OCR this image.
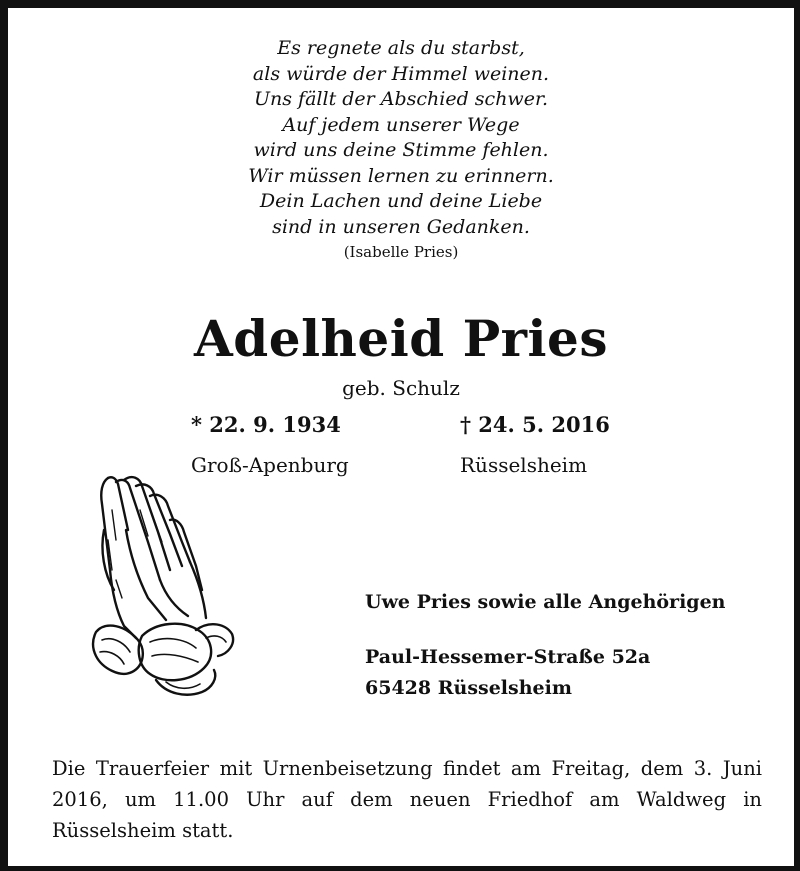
Es regnete als du starbst,
als würde der Himmel weinen.
Uns fällt der Abschied schwer.
Auf jedem unserer Wege
wird uns deine Stimme fehlen.
Wir müssen lernen zu erinnern.
Dein Lachen und deine Liebe
sind in unseren Gedanken.
(Isabelle Pries)
Adelheid Pries
geb. Schulz
* 22. 9. 1934	† 24. 5. 2016
Groß-Apenburg	Rüsselsheim
Uwe Pries sowie alle Angehörigen
Paul-Hessemer-Straße 52a
65428 Rüsselsheim
Die Trauerfeier mit Urnenbeisetzung findet am Freitag, dem 3. Juni 2016, um 11.00 Uhr auf dem neuen Friedhof am Waldweg in Rüsselsheim statt.
